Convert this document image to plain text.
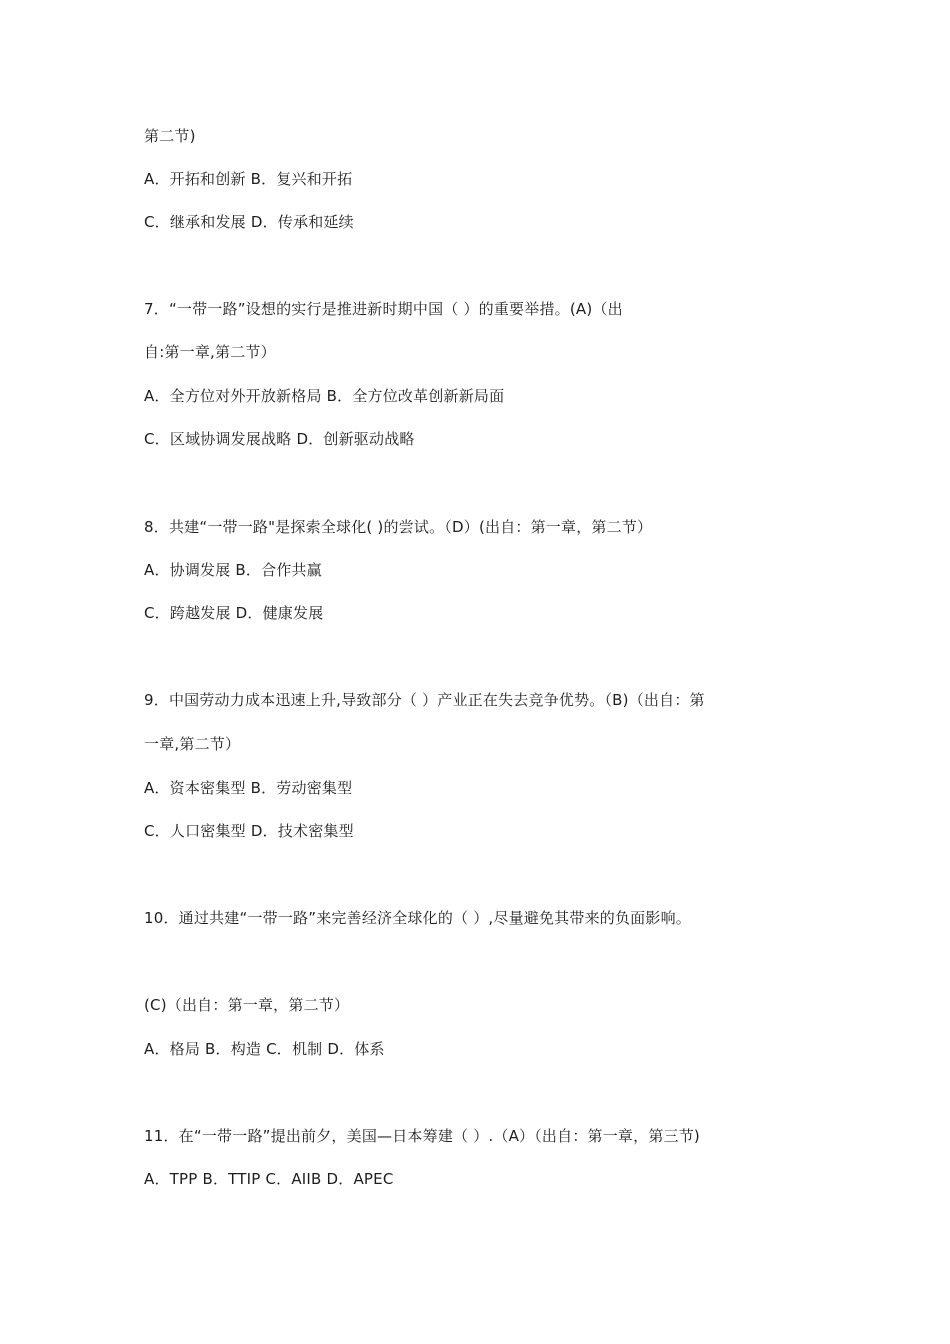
第二节)
A．开拓和创新 B．复兴和开拓
C．继承和发展 D．传承和延续
7．“一带一路”设想的实行是推进新时期中国（ ）的重要举措。(A)（出
自:第一章,第二节）
A．全方位对外开放新格局 B．全方位改革创新新局面
C．区域协调发展战略 D．创新驱动战略
8．共建“一带一路"是探索全球化( )的尝试。（D）(出自：第一章，第二节）
A．协调发展 B．合作共赢
C．跨越发展 D．健康发展
9．中国劳动力成本迅速上升,导致部分（ ）产业正在失去竞争优势。（B)（出自：第
一章,第二节）
A．资本密集型 B．劳动密集型
C．人口密集型 D．技术密集型
10．通过共建“一带一路”来完善经济全球化的（ ）,尽量避免其带来的负面影响。
(C)（出自：第一章，第二节）
A．格局 B．构造 C．机制 D．体系
11．在“一带一路”提出前夕，美国—日本筹建（ ）.（A）（出自：第一章，第三节)
A．TPP B．TTIP C．AIIB D．APEC
